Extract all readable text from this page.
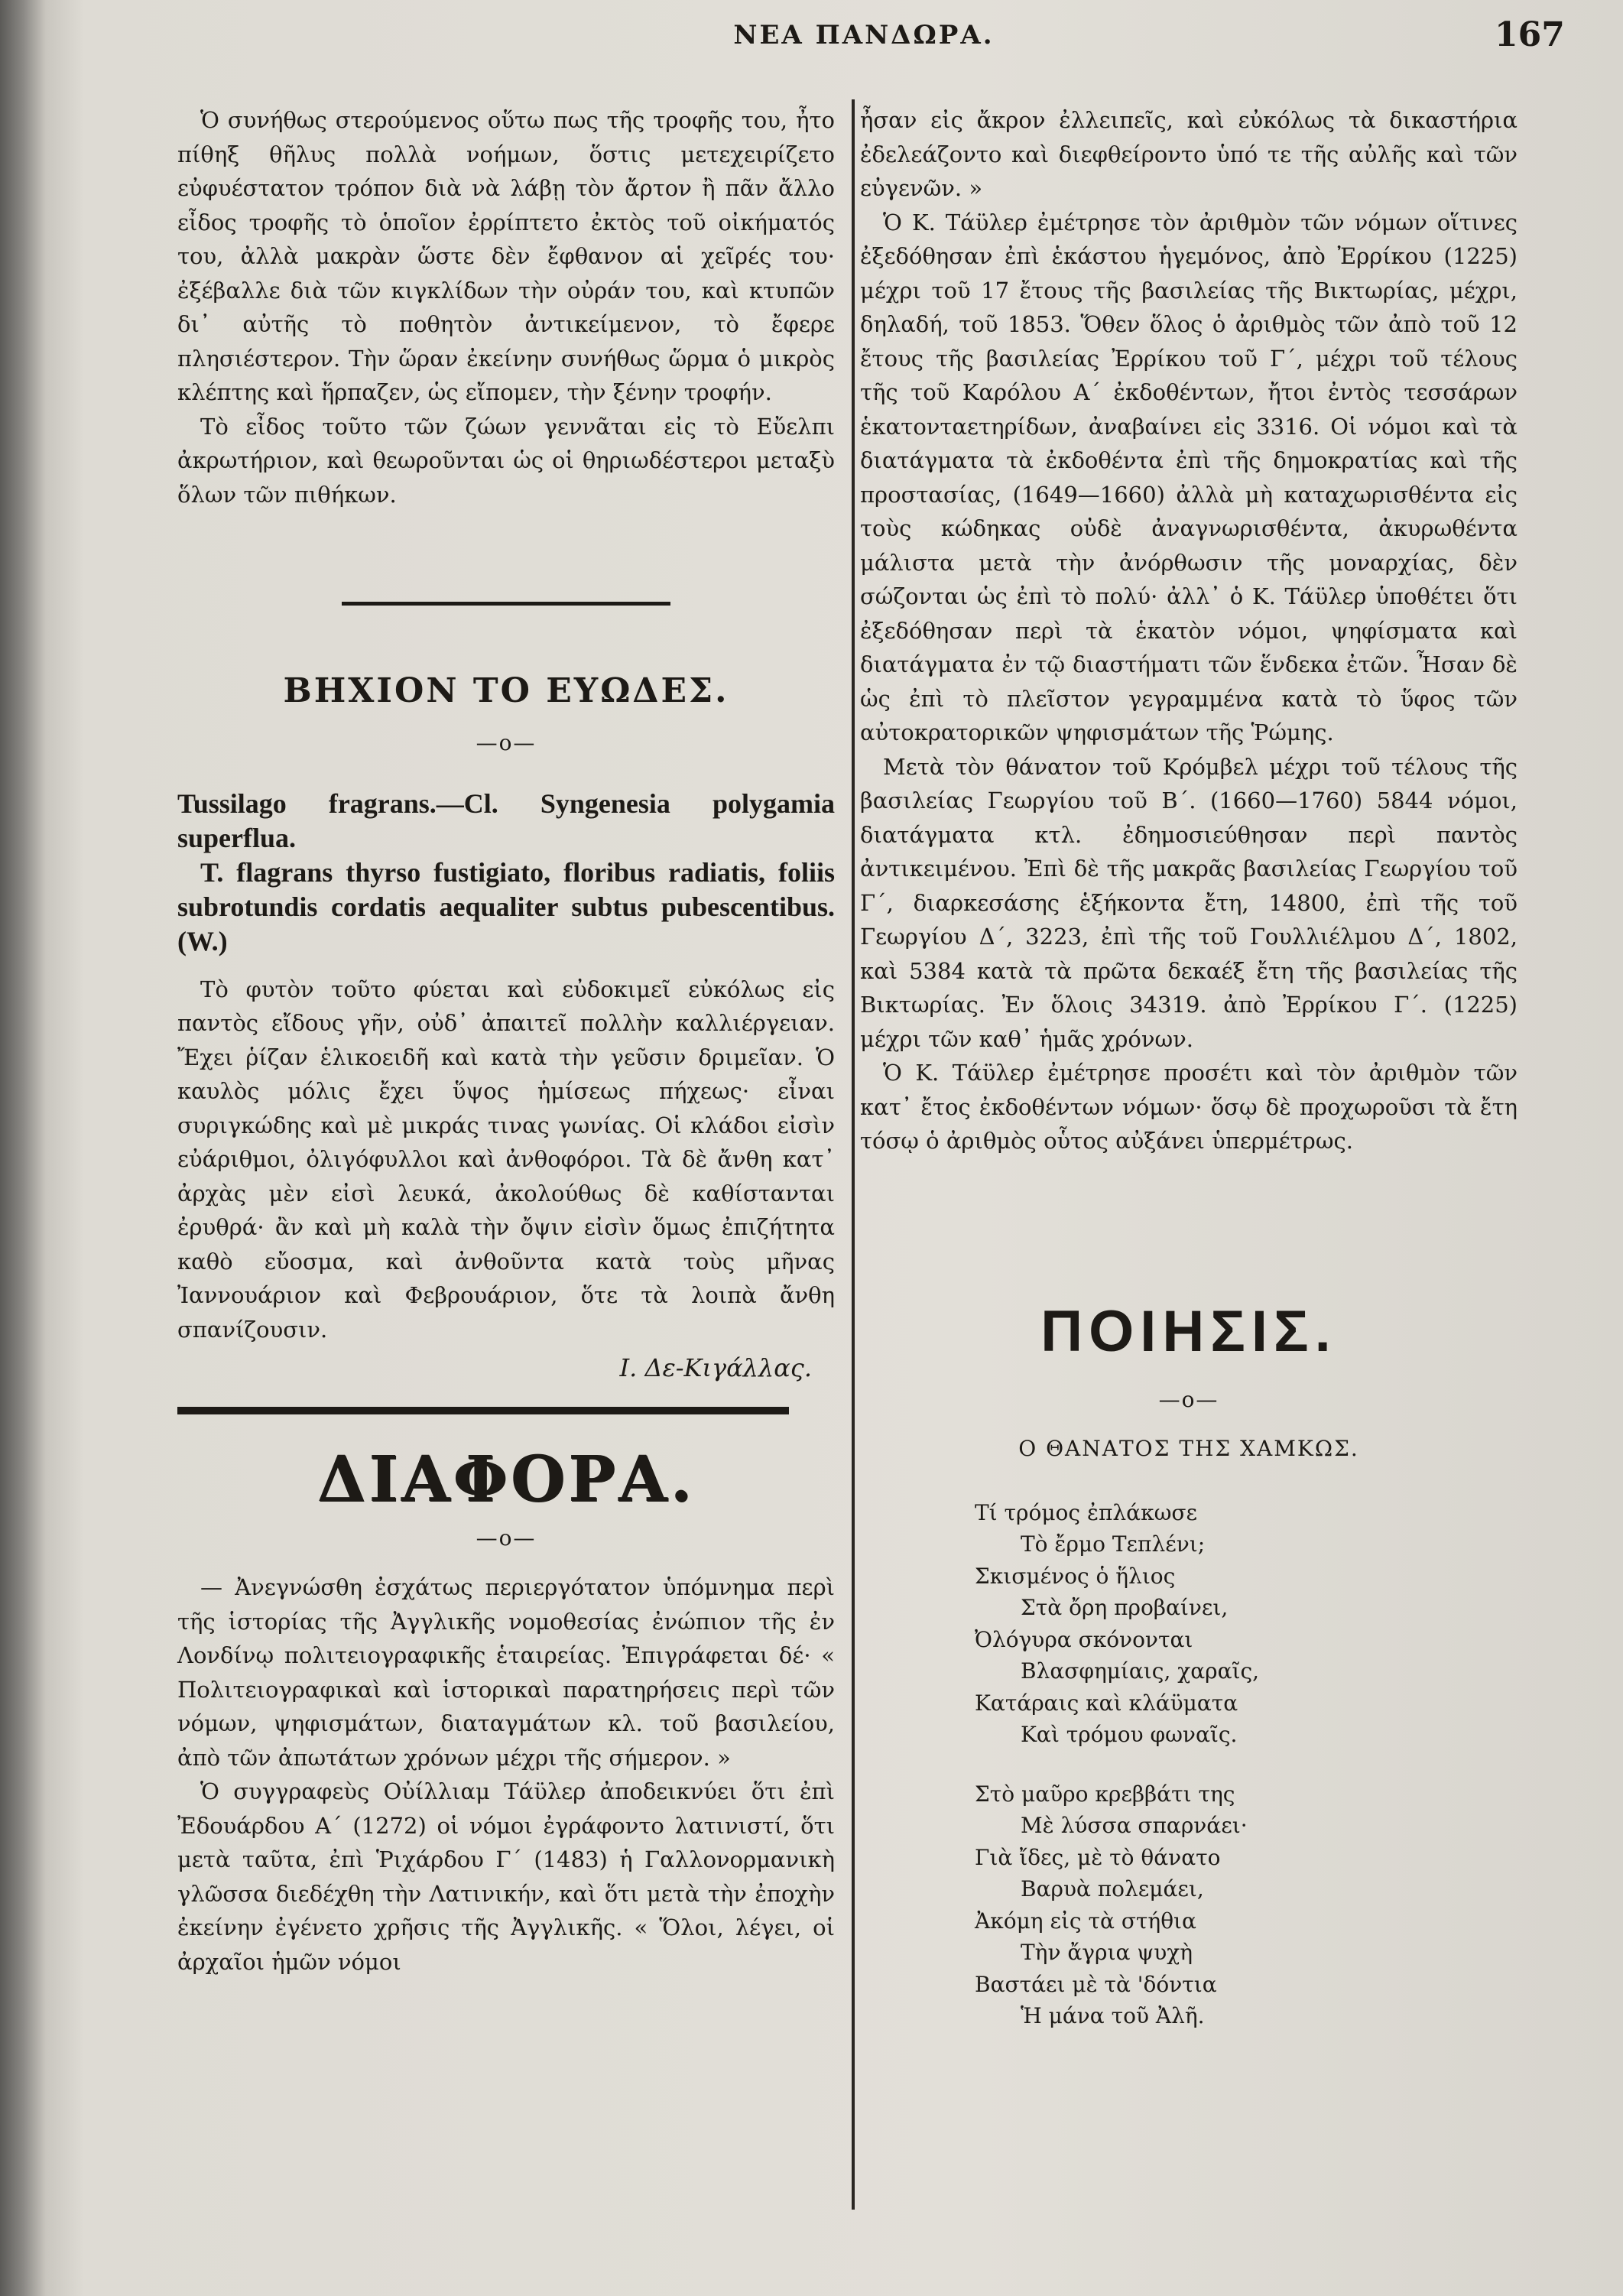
ΝΕΑ ΠΑΝΔΩΡΑ.	167

Ὁ συνήθως στερούμενος οὕτω πως τῆς τροφῆς του, ἦτο πίθηξ θῆλυς πολλὰ νοήμων, ὅστις μετεχειρίζετο εὐφυέστατον τρόπον διὰ νὰ λάβῃ τὸν ἄρτον ἢ πᾶν ἄλλο εἶδος τροφῆς τὸ ὁποῖον ἐρρίπτετο ἐκτὸς τοῦ οἰκήματός του, ἀλλὰ μακρὰν ὥστε δὲν ἔφθανον αἱ χεῖρές του· ἐξέβαλλε διὰ τῶν κιγκλίδων τὴν οὐράν του, καὶ κτυπῶν δι᾽ αὐτῆς τὸ ποθητὸν ἀντικείμενον, τὸ ἔφερε πλησιέστερον. Τὴν ὥραν ἐκείνην συνήθως ὥρμα ὁ μικρὸς κλέπτης καὶ ἥρπαζεν, ὡς εἴπομεν, τὴν ξένην τροφήν.

Τὸ εἶδος τοῦτο τῶν ζώων γεννᾶται εἰς τὸ Εὔελπι ἀκρωτήριον, καὶ θεωροῦνται ὡς οἱ θηριωδέστεροι μεταξὺ ὅλων τῶν πιθήκων.

ΒΗΧΙΟΝ ΤΟ ΕΥΩΔΕΣ.
—o—

Tussilago fragrans.—Cl. Syngenesia polygamia superflua.

T. flagrans thyrso fustigiato, floribus radiatis, foliis subrotundis cordatis aequaliter subtus pubescentibus. (W.)

Τὸ φυτὸν τοῦτο φύεται καὶ εὐδοκιμεῖ εὐκόλως εἰς παντὸς εἴδους γῆν, οὐδ᾽ ἀπαιτεῖ πολλὴν καλλιέργειαν. Ἔχει ῥίζαν ἑλικοειδῆ καὶ κατὰ τὴν γεῦσιν δριμεῖαν. Ὁ καυλὸς μόλις ἔχει ὕψος ἡμίσεως πήχεως· εἶναι συριγκώδης καὶ μὲ μικράς τινας γωνίας. Οἱ κλάδοι εἰσὶν εὐάριθμοι, ὀλιγόφυλλοι καὶ ἀνθοφόροι. Τὰ δὲ ἄνθη κατ᾽ ἀρχὰς μὲν εἰσὶ λευκά, ἀκολούθως δὲ καθίστανται ἐρυθρά· ἂν καὶ μὴ καλὰ τὴν ὄψιν εἰσὶν ὅμως ἐπιζήτητα καθὸ εὔοσμα, καὶ ἀνθοῦντα κατὰ τοὺς μῆνας Ἰαννουάριον καὶ Φεβρουάριον, ὅτε τὰ λοιπὰ ἄνθη σπανίζουσιν.

Ι. Δε-Κιγάλλας.

ΔΙΑΦΟΡΑ.
—o—

— Ἀνεγνώσθη ἐσχάτως περιεργότατον ὑπόμνημα περὶ τῆς ἱστορίας τῆς Ἀγγλικῆς νομοθεσίας ἐνώπιον τῆς ἐν Λονδίνῳ πολιτειογραφικῆς ἑταιρείας. Ἐπιγράφεται δέ· « Πολιτειογραφικαὶ καὶ ἱστορικαὶ παρατηρήσεις περὶ τῶν νόμων, ψηφισμάτων, διαταγμάτων κλ. τοῦ βασιλείου, ἀπὸ τῶν ἀπωτάτων χρόνων μέχρι τῆς σήμερον. »

Ὁ συγγραφεὺς Οὐίλλιαμ Τάϋλερ ἀποδεικνύει ὅτι ἐπὶ Ἐδουάρδου Α´ (1272) οἱ νόμοι ἐγράφοντο λατινιστί, ὅτι μετὰ ταῦτα, ἐπὶ Ῥιχάρδου Γ´ (1483) ἡ Γαλλονορμανικὴ γλῶσσα διεδέχθη τὴν Λατινικήν, καὶ ὅτι μετὰ τὴν ἐποχὴν ἐκείνην ἐγένετο χρῆσις τῆς Ἀγγλικῆς. « Ὅλοι, λέγει, οἱ ἀρχαῖοι ἡμῶν νόμοι

ἦσαν εἰς ἄκρον ἐλλειπεῖς, καὶ εὐκόλως τὰ δικαστήρια ἐδελεάζοντο καὶ διεφθείροντο ὑπό τε τῆς αὐλῆς καὶ τῶν εὐγενῶν. »

Ὁ Κ. Τάϋλερ ἐμέτρησε τὸν ἀριθμὸν τῶν νόμων οἵτινες ἐξεδόθησαν ἐπὶ ἑκάστου ἡγεμόνος, ἀπὸ Ἐρρίκου (1225) μέχρι τοῦ 17 ἔτους τῆς βασιλείας τῆς Βικτωρίας, μέχρι, δηλαδή, τοῦ 1853. Ὅθεν ὅλος ὁ ἀριθμὸς τῶν ἀπὸ τοῦ 12 ἔτους τῆς βασιλείας Ἐρρίκου τοῦ Γ´, μέχρι τοῦ τέλους τῆς τοῦ Καρόλου Α´ ἐκδοθέντων, ἤτοι ἐντὸς τεσσάρων ἑκατονταετηρίδων, ἀναβαίνει εἰς 3316. Οἱ νόμοι καὶ τὰ διατάγματα τὰ ἐκδοθέντα ἐπὶ τῆς δημοκρατίας καὶ τῆς προστασίας, (1649—1660) ἀλλὰ μὴ καταχωρισθέντα εἰς τοὺς κώδηκας οὐδὲ ἀναγνωρισθέντα, ἀκυρωθέντα μάλιστα μετὰ τὴν ἀνόρθωσιν τῆς μοναρχίας, δὲν σώζονται ὡς ἐπὶ τὸ πολύ· ἀλλ᾽ ὁ Κ. Τάϋλερ ὑποθέτει ὅτι ἐξεδόθησαν περὶ τὰ ἑκατὸν νόμοι, ψηφίσματα καὶ διατάγματα ἐν τῷ διαστήματι τῶν ἕνδεκα ἐτῶν. Ἦσαν δὲ ὡς ἐπὶ τὸ πλεῖστον γεγραμμένα κατὰ τὸ ὕφος τῶν αὐτοκρατορικῶν ψηφισμάτων τῆς Ῥώμης.

Μετὰ τὸν θάνατον τοῦ Κρόμβελ μέχρι τοῦ τέλους τῆς βασιλείας Γεωργίου τοῦ Β´. (1660—1760) 5844 νόμοι, διατάγματα κτλ. ἐδημοσιεύθησαν περὶ παντὸς ἀντικειμένου. Ἐπὶ δὲ τῆς μακρᾶς βασιλείας Γεωργίου τοῦ Γ´, διαρκεσάσης ἑξήκοντα ἔτη, 14800, ἐπὶ τῆς τοῦ Γεωργίου Δ´, 3223, ἐπὶ τῆς τοῦ Γουλλιέλμου Δ´, 1802, καὶ 5384 κατὰ τὰ πρῶτα δεκαέξ ἔτη τῆς βασιλείας τῆς Βικτωρίας. Ἐν ὅλοις 34319. ἀπὸ Ἐρρίκου Γ´. (1225) μέχρι τῶν καθ᾽ ἡμᾶς χρόνων.

Ὁ Κ. Τάϋλερ ἐμέτρησε προσέτι καὶ τὸν ἀριθμὸν τῶν κατ᾽ ἔτος ἐκδοθέντων νόμων· ὅσῳ δὲ προχωροῦσι τὰ ἔτη τόσῳ ὁ ἀριθμὸς οὗτος αὐξάνει ὑπερμέτρως.

ΠΟΙΗΣΙΣ.
—o—
Ο ΘΑΝΑΤΟΣ ΤΗΣ ΧΑΜΚΩΣ.
Τί τρόμος ἐπλάκωσε
Τὸ ἔρμο Τεπλένι;
Σκισμένος ὁ ἥλιος
Στὰ ὄρη προβαίνει,
Ὀλόγυρα σκόνονται
Βλασφημίαις, χαραῖς,
Κατάραις καὶ κλάϋματα
Καὶ τρόμου φωναῖς.
Στὸ μαῦρο κρεββάτι της
Μὲ λύσσα σπαρνάει·
Γιὰ ἴδες, μὲ τὸ θάνατο
Βαρυὰ πολεμάει,
Ἀκόμη εἰς τὰ στήθια
Τὴν ἄγρια ψυχὴ
Βαστάει μὲ τὰ 'δόντια
Ἡ μάνα τοῦ Ἀλῆ.
